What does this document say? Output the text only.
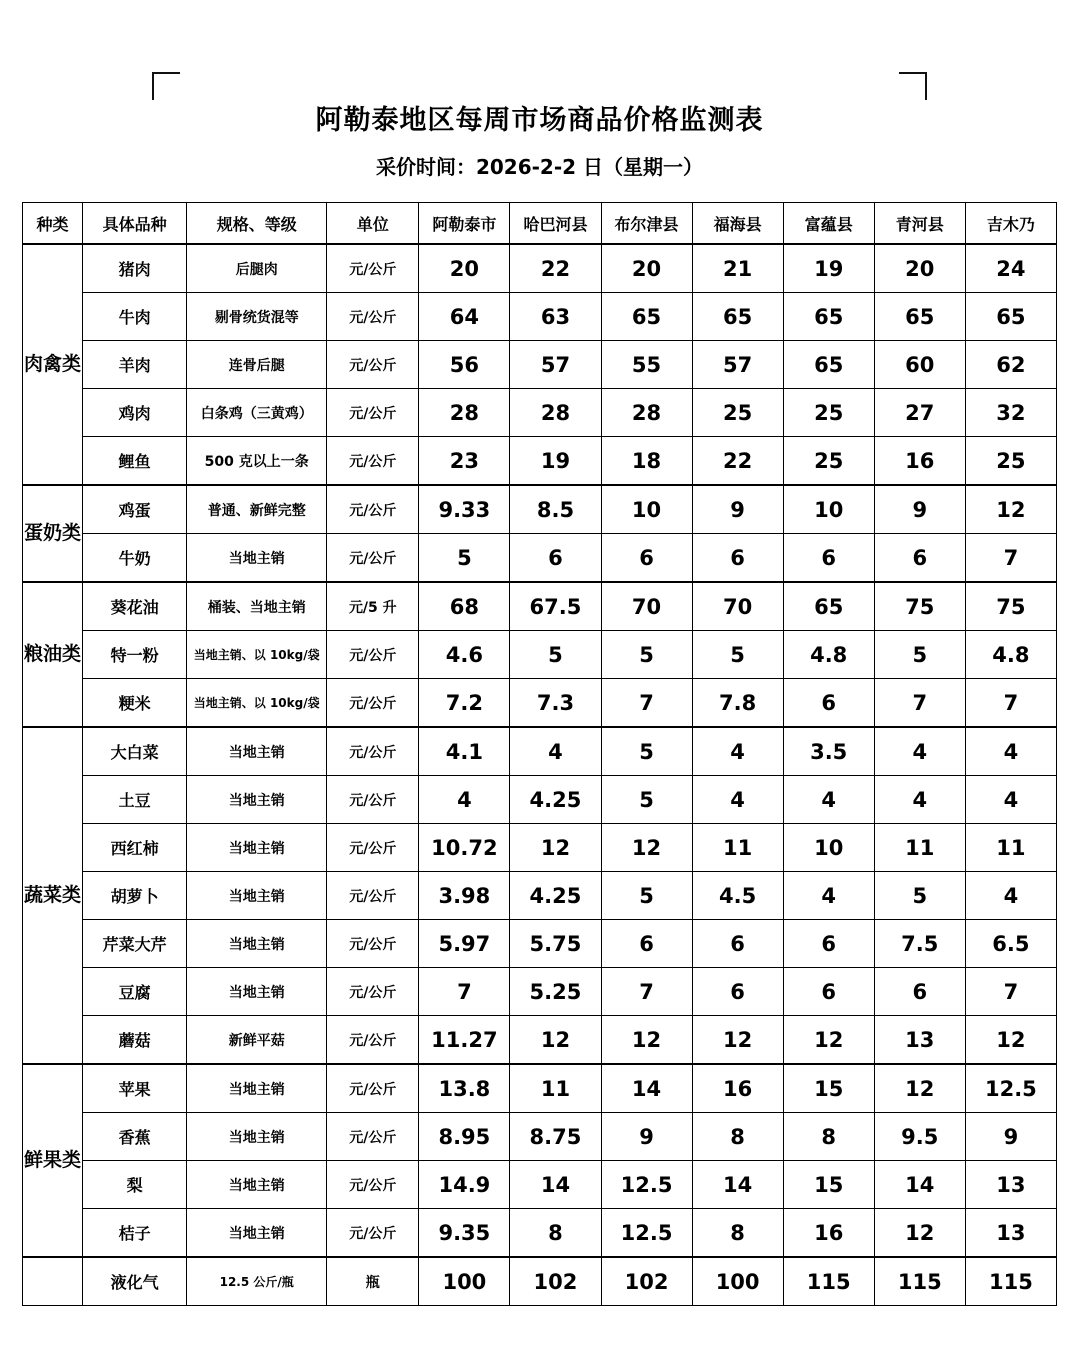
阿勒泰地区每周市场商品价格监测表
采价时间：2026-2-2 日（星期一）
种类	具体品种	规格、等级	单位	阿勒泰市	哈巴河县	布尔津县	福海县	富蕴县	青河县	吉木乃
肉禽类	猪肉	后腿肉	元/公斤	20	22	20	21	19	20	24
	牛肉	剔骨统货混等	元/公斤	64	63	65	65	65	65	65
	羊肉	连骨后腿	元/公斤	56	57	55	57	65	60	62
	鸡肉	白条鸡（三黄鸡）	元/公斤	28	28	28	25	25	27	32
	鲤鱼	500 克以上一条	元/公斤	23	19	18	22	25	16	25
蛋奶类	鸡蛋	普通、新鲜完整	元/公斤	9.33	8.5	10	9	10	9	12
	牛奶	当地主销	元/公斤	5	6	6	6	6	6	7
粮油类	葵花油	桶装、当地主销	元/5 升	68	67.5	70	70	65	75	75
	特一粉	当地主销、以 10kg/袋	元/公斤	4.6	5	5	5	4.8	5	4.8
	粳米	当地主销、以 10kg/袋	元/公斤	7.2	7.3	7	7.8	6	7	7
蔬菜类	大白菜	当地主销	元/公斤	4.1	4	5	4	3.5	4	4
	土豆	当地主销	元/公斤	4	4.25	5	4	4	4	4
	西红柿	当地主销	元/公斤	10.72	12	12	11	10	11	11
	胡萝卜	当地主销	元/公斤	3.98	4.25	5	4.5	4	5	4
	芹菜大芹	当地主销	元/公斤	5.97	5.75	6	6	6	7.5	6.5
	豆腐	当地主销	元/公斤	7	5.25	7	6	6	6	7
	蘑菇	新鲜平菇	元/公斤	11.27	12	12	12	12	13	12
鲜果类	苹果	当地主销	元/公斤	13.8	11	14	16	15	12	12.5
	香蕉	当地主销	元/公斤	8.95	8.75	9	8	8	9.5	9
	梨	当地主销	元/公斤	14.9	14	12.5	14	15	14	13
	桔子	当地主销	元/公斤	9.35	8	12.5	8	16	12	13
	液化气	12.5 公斤/瓶	瓶	100	102	102	100	115	115	115
